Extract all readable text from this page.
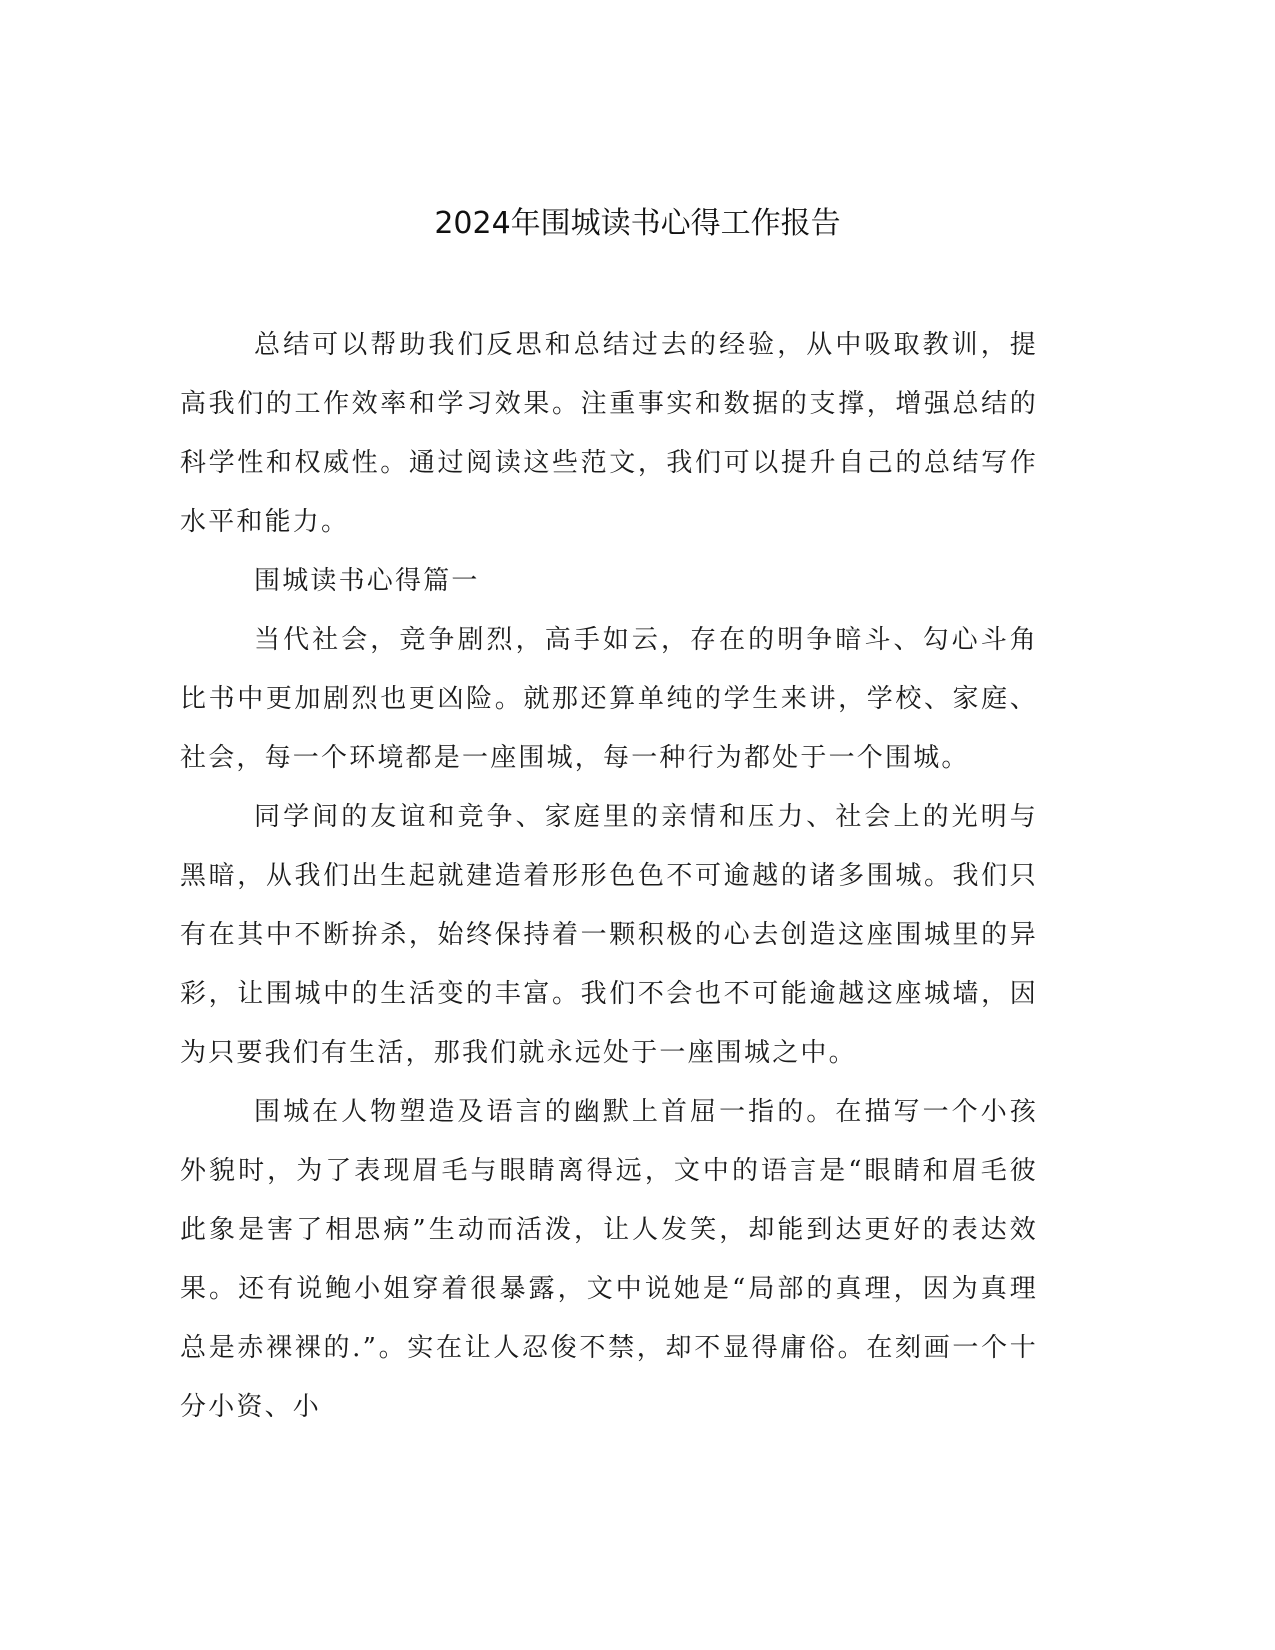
2024年围城读书心得工作报告

总结可以帮助我们反思和总结过去的经验，从中吸取教训，提高我们的工作效率和学习效果。注重事实和数据的支撑，增强总结的科学性和权威性。通过阅读这些范文，我们可以提升自己的总结写作水平和能力。

围城读书心得篇一

当代社会，竞争剧烈，高手如云，存在的明争暗斗、勾心斗角比书中更加剧烈也更凶险。就那还算单纯的学生来讲，学校、家庭、社会，每一个环境都是一座围城，每一种行为都处于一个围城。

同学间的友谊和竞争、家庭里的亲情和压力、社会上的光明与黑暗，从我们出生起就建造着形形色色不可逾越的诸多围城。我们只有在其中不断拚杀，始终保持着一颗积极的心去创造这座围城里的异彩，让围城中的生活变的丰富。我们不会也不可能逾越这座城墙，因为只要我们有生活，那我们就永远处于一座围城之中。

围城在人物塑造及语言的幽默上首屈一指的。在描写一个小孩外貌时，为了表现眉毛与眼睛离得远，文中的语言是“眼睛和眉毛彼此象是害了相思病”生动而活泼，让人发笑，却能到达更好的表达效果。还有说鲍小姐穿着很暴露，文中说她是“局部的真理，因为真理总是赤裸裸的.”。实在让人忍俊不禁，却不显得庸俗。在刻画一个十分小资、小
